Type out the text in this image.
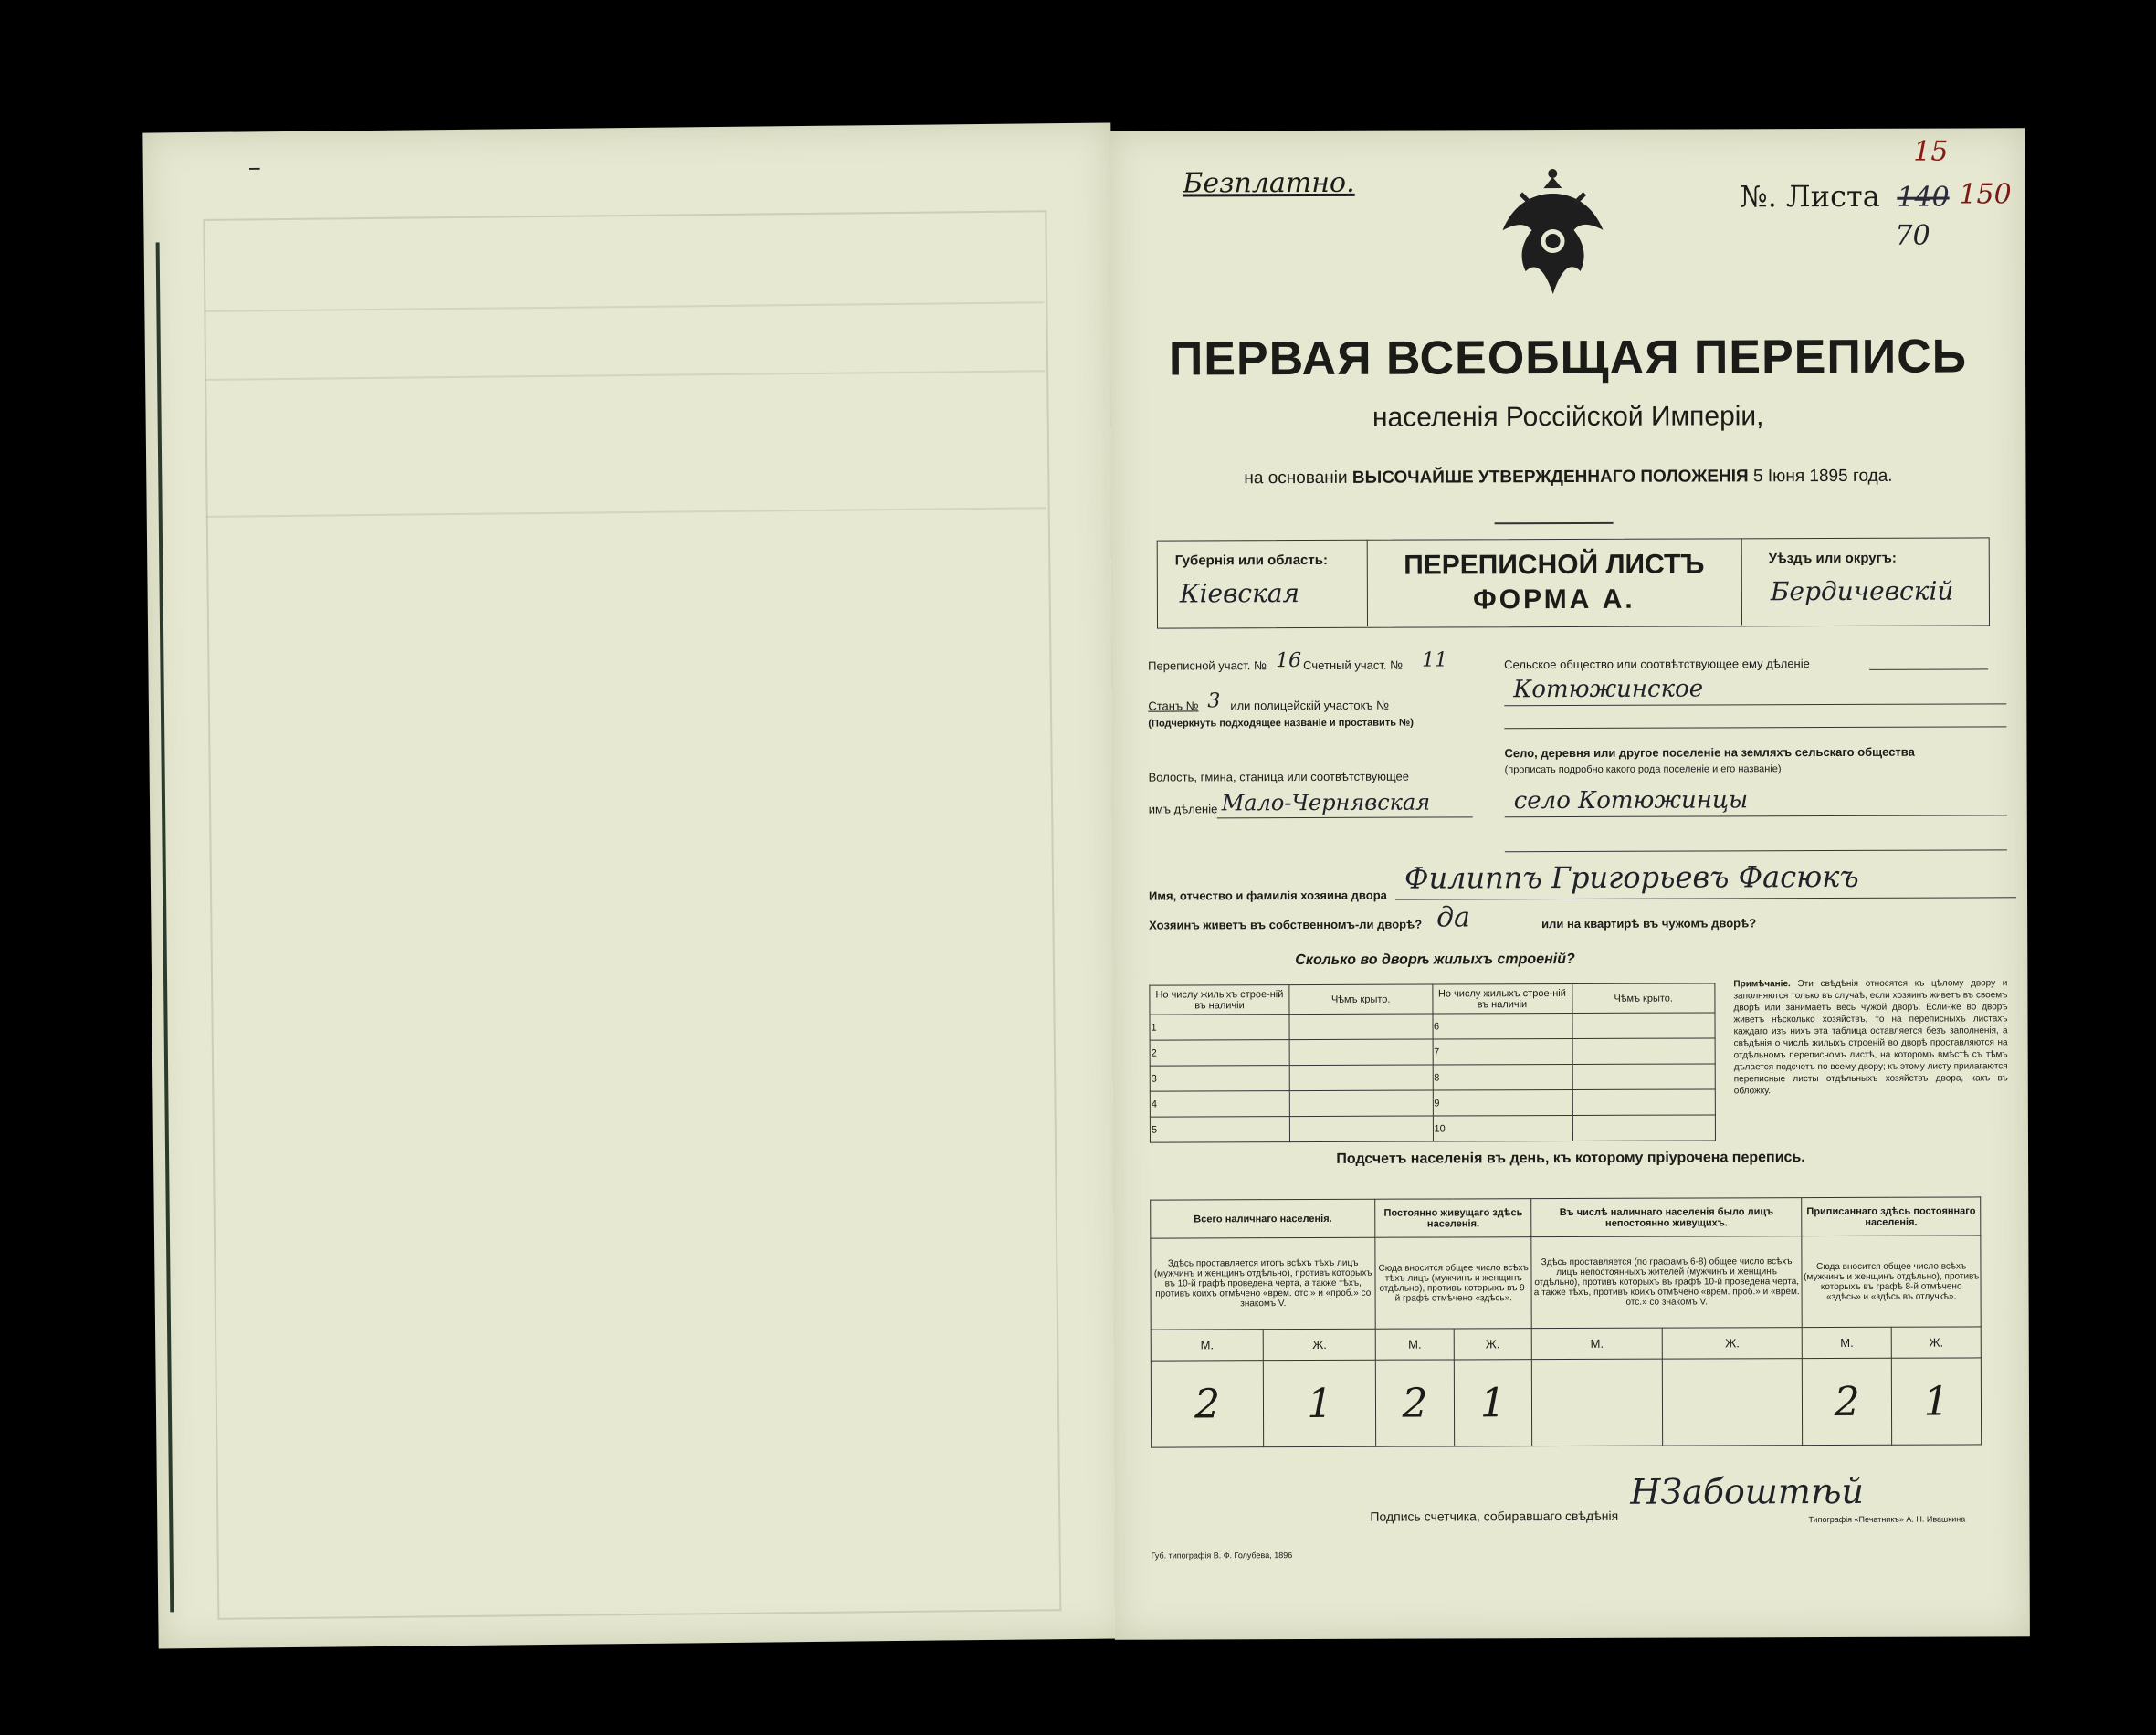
–
Безплатно.	№. Листа 140 150
15
70
ПЕРВАЯ ВСЕОБЩАЯ ПЕРЕПИСЬ
населенія Россійской Имперіи,
на основаніи ВЫСОЧАЙШЕ УТВЕРЖДЕННАГО ПОЛОЖЕНІЯ 5 Іюня 1895 года.
Губернія или область:
Кіевская
ПЕРЕПИСНОЙ ЛИСТЪ
ФОРМА А.
Уѣздъ или округъ:
Бердичевскій
Переписной участ. № 16 Счетный участ. № 11
Станъ № 3 или полицейскій участокъ №
(Подчеркнуть подходящее названіе и проставить №)
Волость, гмина, станица или соотвѣтствующее
имъ дѣленіе Мало-Чернявская
Сельское общество или соотвѣтствующее ему дѣленіе
Котюжинское
Село, деревня или другое поселеніе на земляхъ сельскаго общества
(прописать подробно какого рода поселеніе и его названіе)
село Котюжинцы
Имя, отчество и фамилія хозяина двора
Филиппъ Григорьевъ Фасюкъ
Хозяинъ живетъ въ собственномъ-ли дворѣ? да	или на квартирѣ въ чужомъ дворѣ?
Сколько во дворѣ жилыхъ строеній?
Но числу жилыхъ строе-ній въ наличіи	Чѣмъ крыто.	Но числу жилыхъ строе-ній въ наличіи	Чѣмъ крыто.
1		6	
2		7	
3		8	
4		9	
5		10	
Примѣчаніе. Эти свѣдѣнія относятся къ цѣлому двору и заполняются только въ случаѣ, если хозяинъ живетъ въ своемъ дворѣ или занимаетъ весь чужой дворъ. Если-же во дворѣ живетъ нѣсколько хозяйствъ, то на переписныхъ листахъ каждаго изъ нихъ эта таблица оставляется безъ заполненія, а свѣдѣнія о числѣ жилыхъ строеній во дворѣ проставляются на отдѣльномъ переписномъ листѣ, на которомъ вмѣстѣ съ тѣмъ дѣлается подсчетъ по всему двору; къ этому листу прилагаются переписные листы отдѣльныхъ хозяйствъ двора, какъ въ обложку.
Подсчетъ населенія въ день, къ которому пріурочена перепись.
Всего наличнаго населенія.		Постоянно живущаго здѣсь населенія.		Въ числѣ наличнаго населенія было лицъ непостоянно живущихъ.		Приписаннаго здѣсь постояннаго населенія.	
Здѣсь проставляется итогъ всѣхъ тѣхъ лицъ (мужчинъ и женщинъ отдѣльно), противъ которыхъ въ 10-й графѣ проведена черта, а также тѣхъ, противъ коихъ отмѣчено «врем. отс.» и «проб.» со знакомъ V.		Сюда вносится общее число всѣхъ тѣхъ лицъ (мужчинъ и женщинъ отдѣльно), противъ которыхъ въ 9-й графѣ отмѣчено «здѣсь».		Здѣсь проставляется (по графамъ 6-8) общее число всѣхъ лицъ непостоянныхъ жителей (мужчинъ и женщинъ отдѣльно), противъ которыхъ въ графѣ 10-й проведена черта, а также тѣхъ, противъ коихъ отмѣчено «врем. проб.» и «врем. отс.» со знакомъ V.		Сюда вносится общее число всѣхъ (мужчинъ и женщинъ отдѣльно), противъ которыхъ въ графѣ 8-й отмѣчено «здѣсь» и «здѣсь въ отлучкѣ».	
М.	Ж.	М.	Ж.	М.	Ж.	М.	Ж.
2	1	2	1			2	1
Подпись счетчика, собиравшаго свѣдѣнія
НЗабоштѣй
Губ. типографія В. Ф. Голубева, 1896
Типографія «Печатникъ» А. Н. Ивашкина
